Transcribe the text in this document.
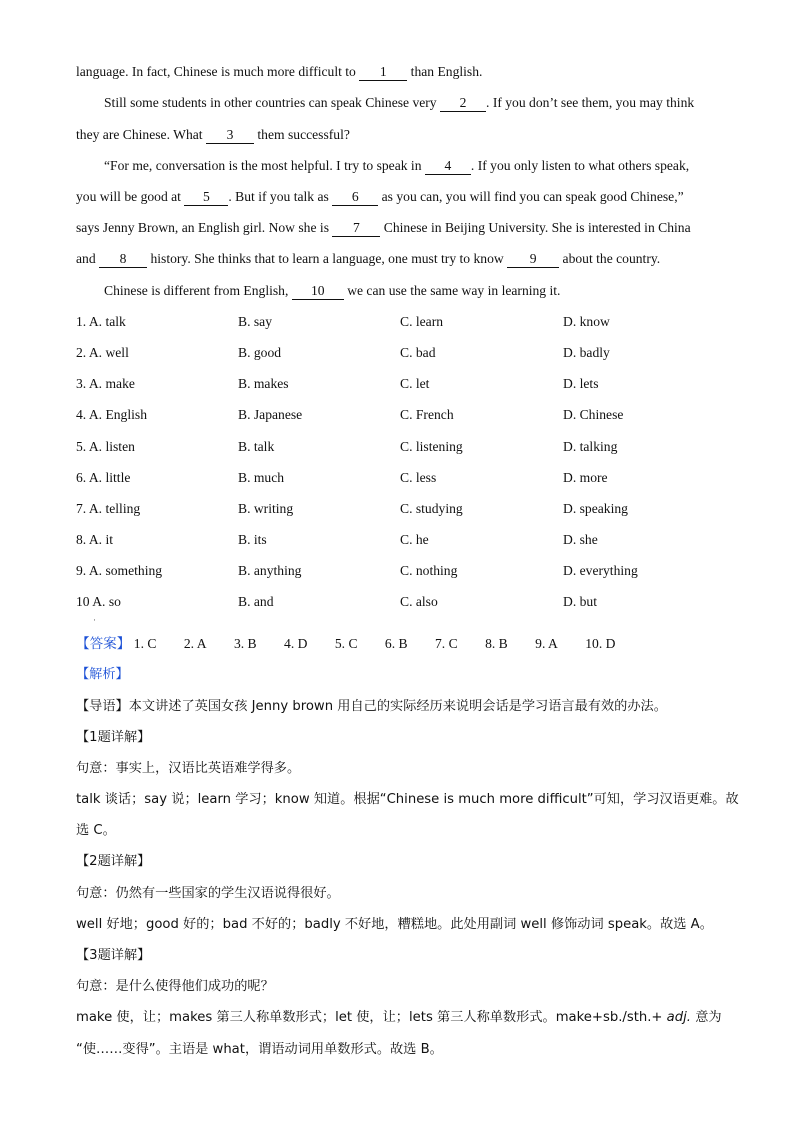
language. In fact, Chinese is much more difficult to 1 than English.
Still some students in other countries can speak Chinese very 2 . If you don’t see them, you may think
they are Chinese. What 3 them successful?
“For me, conversation is the most helpful. I try to speak in 4 . If you only listen to what others speak,
you will be good at 5 . But if you talk as 6 as you can, you will find you can speak good Chinese,”
says Jenny Brown, an English girl. Now she is 7 Chinese in Beijing University. She is interested in China
and 8 history. She thinks that to learn a language, one must try to know 9 about the country.
Chinese is different from English, 10 we can use the same way in learning it.
1. A. talk	B. say	C. learn	D. know
2. A. well	B. good	C. bad	D. badly
3. A. make	B. makes	C. let	D. lets
4. A. English	B. Japanese	C. French	D. Chinese
5. A. listen	B. talk	C. listening	D. talking
6. A. little	B. much	C. less	D. more
7. A. telling	B. writing	C. studying	D. speaking
8. A. it	B. its	C. he	D. she
9. A. something	B. anything	C. nothing	D. everything
10 A. so	B. and	C. also	D. but
·
【答案】 1. C 2. A 3. B 4. D 5. C 6. B 7. C 8. B 9. A 10. D
【解析】
【导语】本文讲述了英国女孩 Jenny brown 用自己的实际经历来说明会话是学习语言最有效的办法。
【1题详解】
句意：事实上，汉语比英语难学得多。
talk 谈话；say 说；learn 学习；know 知道。根据“Chinese is much more difficult”可知，学习汉语更难。故
选 C。
【2题详解】
句意：仍然有一些国家的学生汉语说得很好。
well 好地；good 好的；bad 不好的；badly 不好地，糟糕地。此处用副词 well 修饰动词 speak。故选 A。
【3题详解】
句意：是什么使得他们成功的呢？
make 使，让；makes 第三人称单数形式；let 使，让；lets 第三人称单数形式。make+sb./sth.+ adj. 意为
“使……变得”。主语是 what，谓语动词用单数形式。故选 B。
